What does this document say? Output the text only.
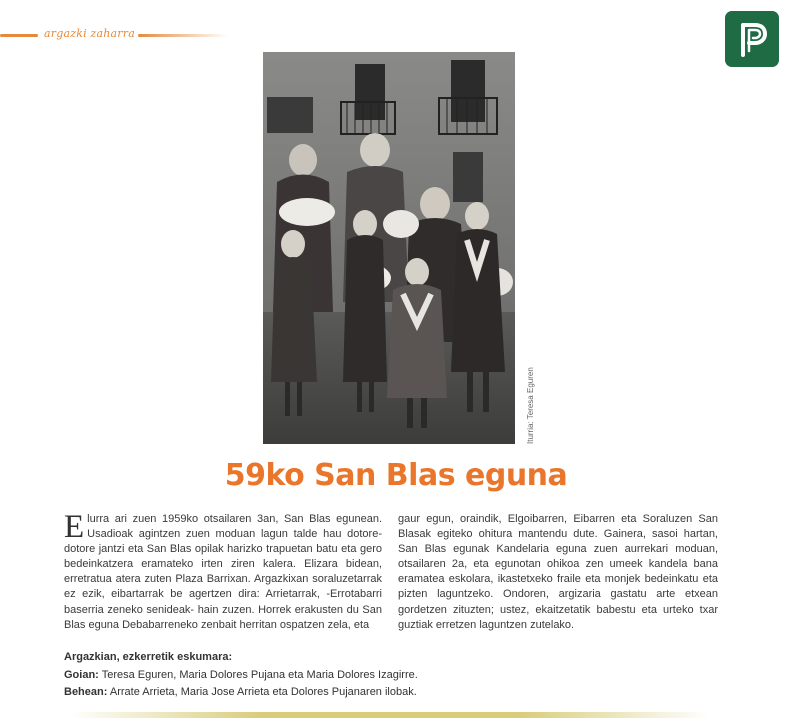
argazki zaharra
Iturria: Teresa Eguren
59ko San Blas eguna
Elurra ari zuen 1959ko otsailaren 3an, San Blas egunean. Usadioak agintzen zuen moduan lagun talde hau dotore-dotore jantzi eta San Blas opilak harizko trapuetan batu eta gero bedeinkatzera eramateko irten ziren kalera. Elizara bidean, erretratua atera zuten Plaza Barrixan. Argazkixan soraluzetarrak ez ezik, eibartarrak be agertzen dira: Arrietarrak, -Errotabarri baserria zeneko senideak- hain zuzen. Horrek erakusten du San Blas eguna Debabarreneko zenbait herritan ospatzen zela, eta
gaur egun, oraindik, Elgoibarren, Eibarren eta Soraluzen San Blasak egiteko ohitura mantendu dute. Gainera, sasoi hartan, San Blas egunak Kandelaria eguna zuen aurrekari moduan, otsailaren 2a, eta egunotan ohikoa zen umeek kandela bana eramatea eskolara, ikastetxeko fraile eta monjek bedeinkatu eta pizten laguntzeko. Ondoren, argizaria gastatu arte etxean gordetzen zituzten; ustez, ekaitzetatik babestu eta urteko txar guztiak erretzen laguntzen zutelako.
Argazkian, ezkerretik eskumara:
Goian: Teresa Eguren, Maria Dolores Pujana eta Maria Dolores Izagirre.
Behean: Arrate Arrieta, Maria Jose Arrieta eta Dolores Pujanaren ilobak.
